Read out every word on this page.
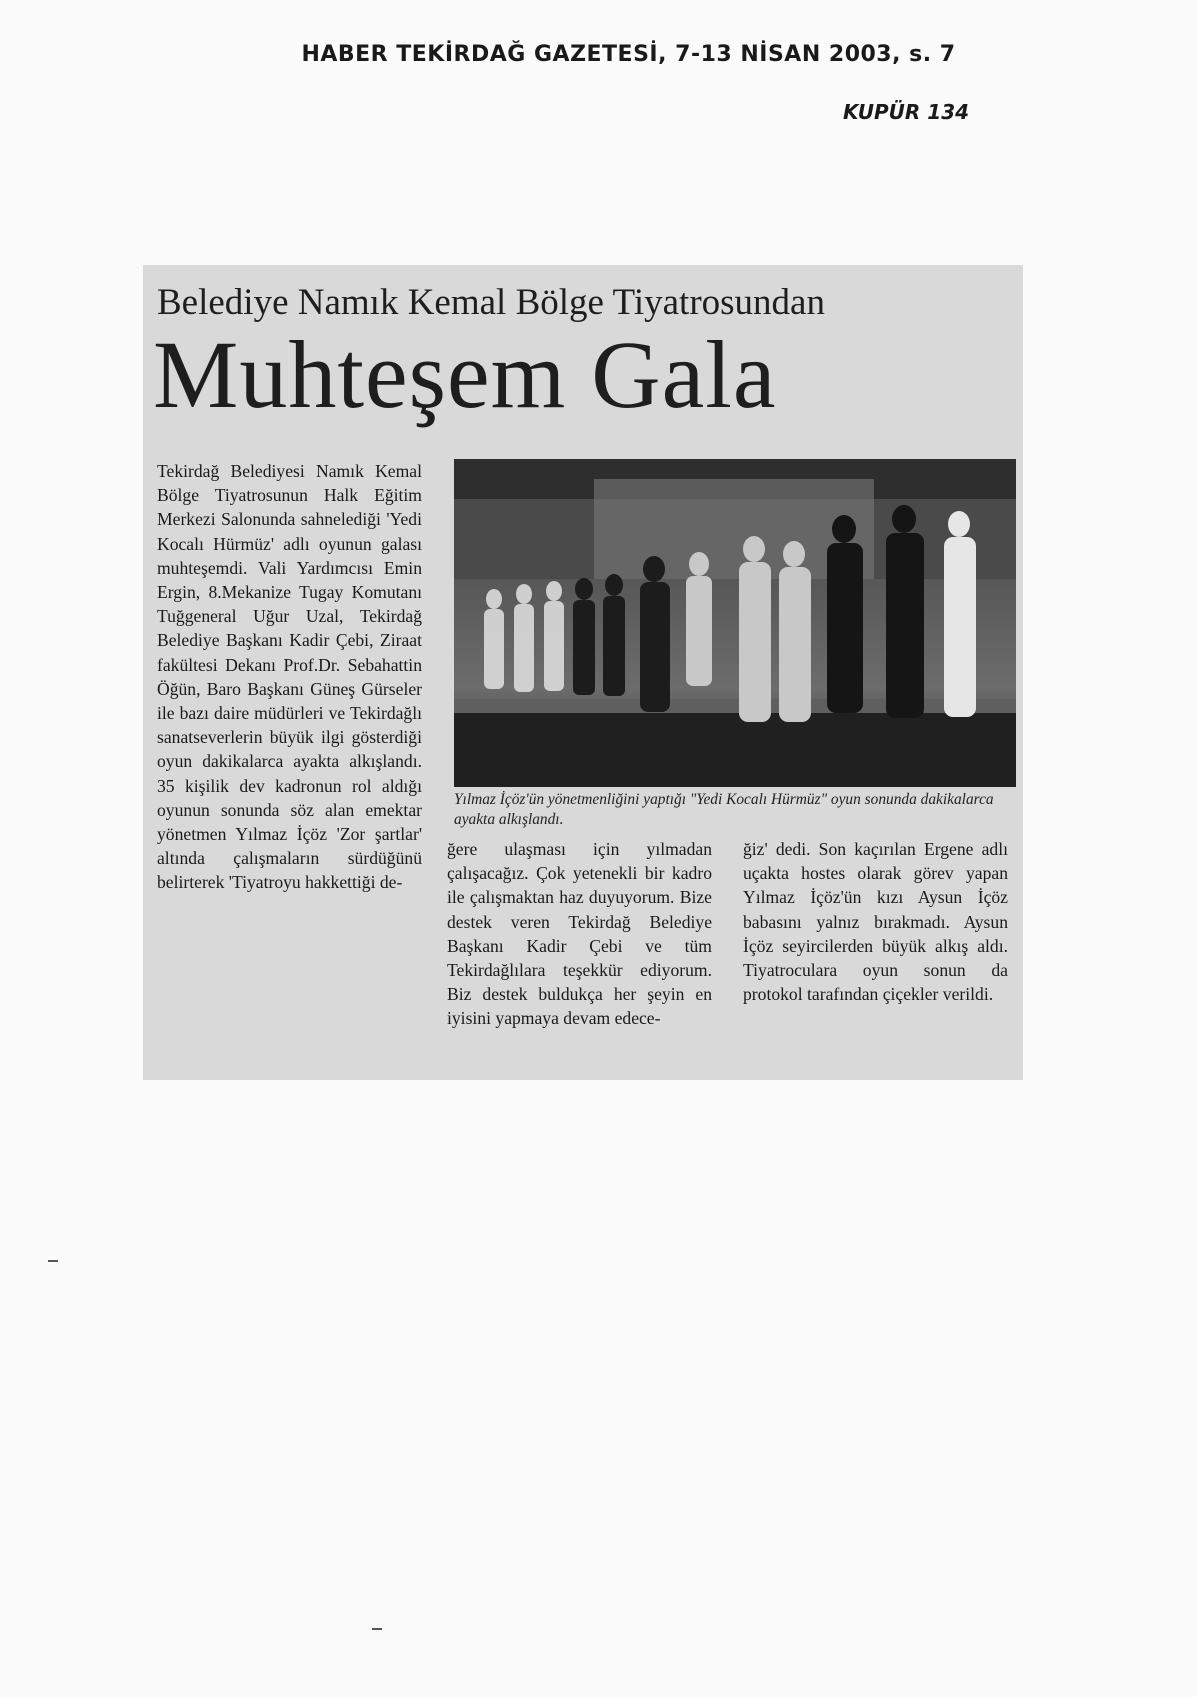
HABER TEKİRDAĞ GAZETESİ, 7-13 NİSAN 2003, s. 7
KUPÜR 134
Belediye Namık Kemal Bölge Tiyatrosundan
Muhteşem Gala
Tekirdağ Belediyesi Namık Kemal Bölge Tiyatrosunun Halk Eğitim Merkezi Salonunda sahnelediği 'Yedi Kocalı Hürmüz' adlı oyunun galası muhteşemdi. Vali Yardımcısı Emin Ergin, 8.Mekanize Tugay Komutanı Tuğgeneral Uğur Uzal, Tekirdağ Belediye Başkanı Kadir Çebi, Ziraat fakültesi Dekanı Prof.Dr. Sebahattin Öğün, Baro Başkanı Güneş Gürseler ile bazı daire müdürleri ve Tekirdağlı sanatseverlerin büyük ilgi gösterdiği oyun dakikalarca ayakta alkışlandı. 35 kişilik dev kadronun rol aldığı oyunun sonunda söz alan emektar yönetmen Yılmaz İçöz 'Zor şartlar' altında çalışmaların sürdüğünü belirterek 'Tiyatroyu hakkettiği de-
Yılmaz İçöz'ün yönetmenliğini yaptığı "Yedi Kocalı Hürmüz" oyun sonunda dakikalarca ayakta alkışlandı.
ğere ulaşması için yılmadan çalışacağız. Çok yetenekli bir kadro ile çalışmaktan haz duyuyorum. Bize destek veren Tekirdağ Belediye Başkanı Kadir Çebi ve tüm Tekirdağlılara teşekkür ediyorum. Biz destek buldukça her şeyin en iyisini yapmaya devam edece-
ğiz' dedi. Son kaçırılan Ergene adlı uçakta hostes olarak görev yapan Yılmaz İçöz'ün kızı Aysun İçöz babasını yalnız bırakmadı. Aysun İçöz seyircilerden büyük alkış aldı. Tiyatroculara oyun sonun da protokol tarafından çiçekler verildi.
